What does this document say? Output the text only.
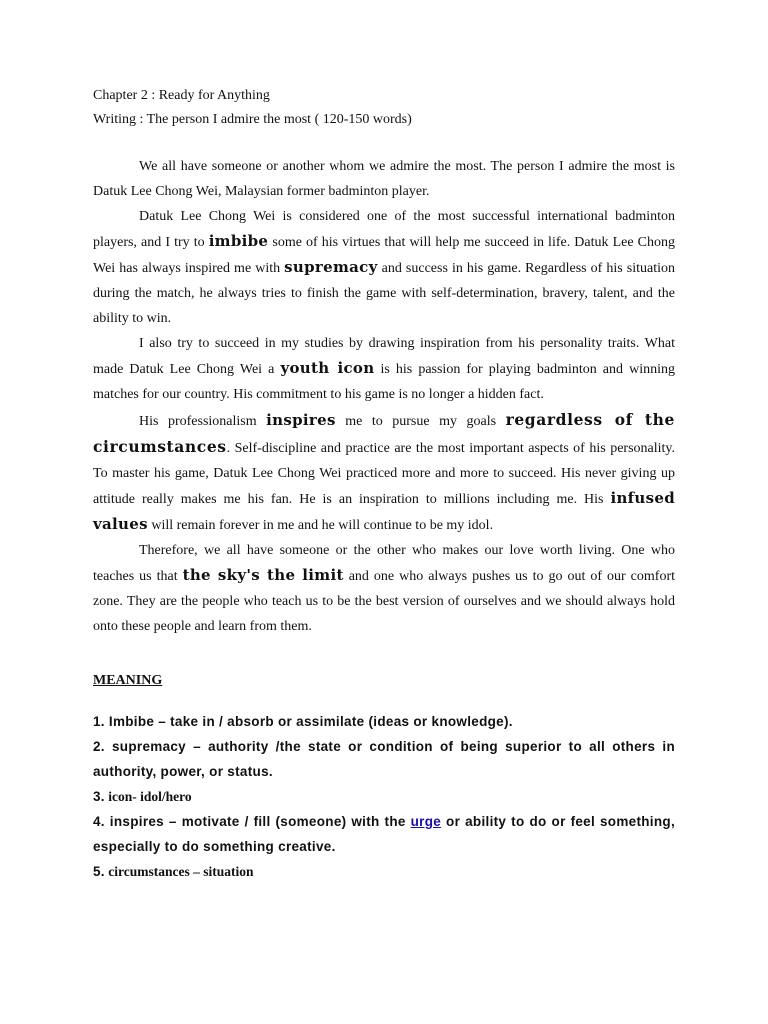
Chapter 2 : Ready for Anything
Writing : The person I admire the most ( 120-150 words)

We all have someone or another whom we admire the most. The person I admire the most is Datuk Lee Chong Wei, Malaysian former badminton player.

Datuk Lee Chong Wei is considered one of the most successful international badminton players, and I try to imbibe some of his virtues that will help me succeed in life. Datuk Lee Chong Wei has always inspired me with supremacy and success in his game. Regardless of his situation during the match, he always tries to finish the game with self-determination, bravery, talent, and the ability to win.

I also try to succeed in my studies by drawing inspiration from his personality traits. What made Datuk Lee Chong Wei a youth icon is his passion for playing badminton and winning matches for our country. His commitment to his game is no longer a hidden fact.

His professionalism inspires me to pursue my goals regardless of the circumstances. Self-discipline and practice are the most important aspects of his personality. To master his game, Datuk Lee Chong Wei practiced more and more to succeed. His never giving up attitude really makes me his fan. He is an inspiration to millions including me. His infused values will remain forever in me and he will continue to be my idol.

Therefore, we all have someone or the other who makes our love worth living. One who teaches us that the sky's the limit and one who always pushes us to go out of our comfort zone. They are the people who teach us to be the best version of ourselves and we should always hold onto these people and learn from them.

MEANING

1. Imbibe – take in / absorb or assimilate (ideas or knowledge).

2. supremacy – authority /the state or condition of being superior to all others in authority, power, or status.

3. icon- idol/hero

4. inspires – motivate / fill (someone) with the urge or ability to do or feel something, especially to do something creative.

5. circumstances – situation
